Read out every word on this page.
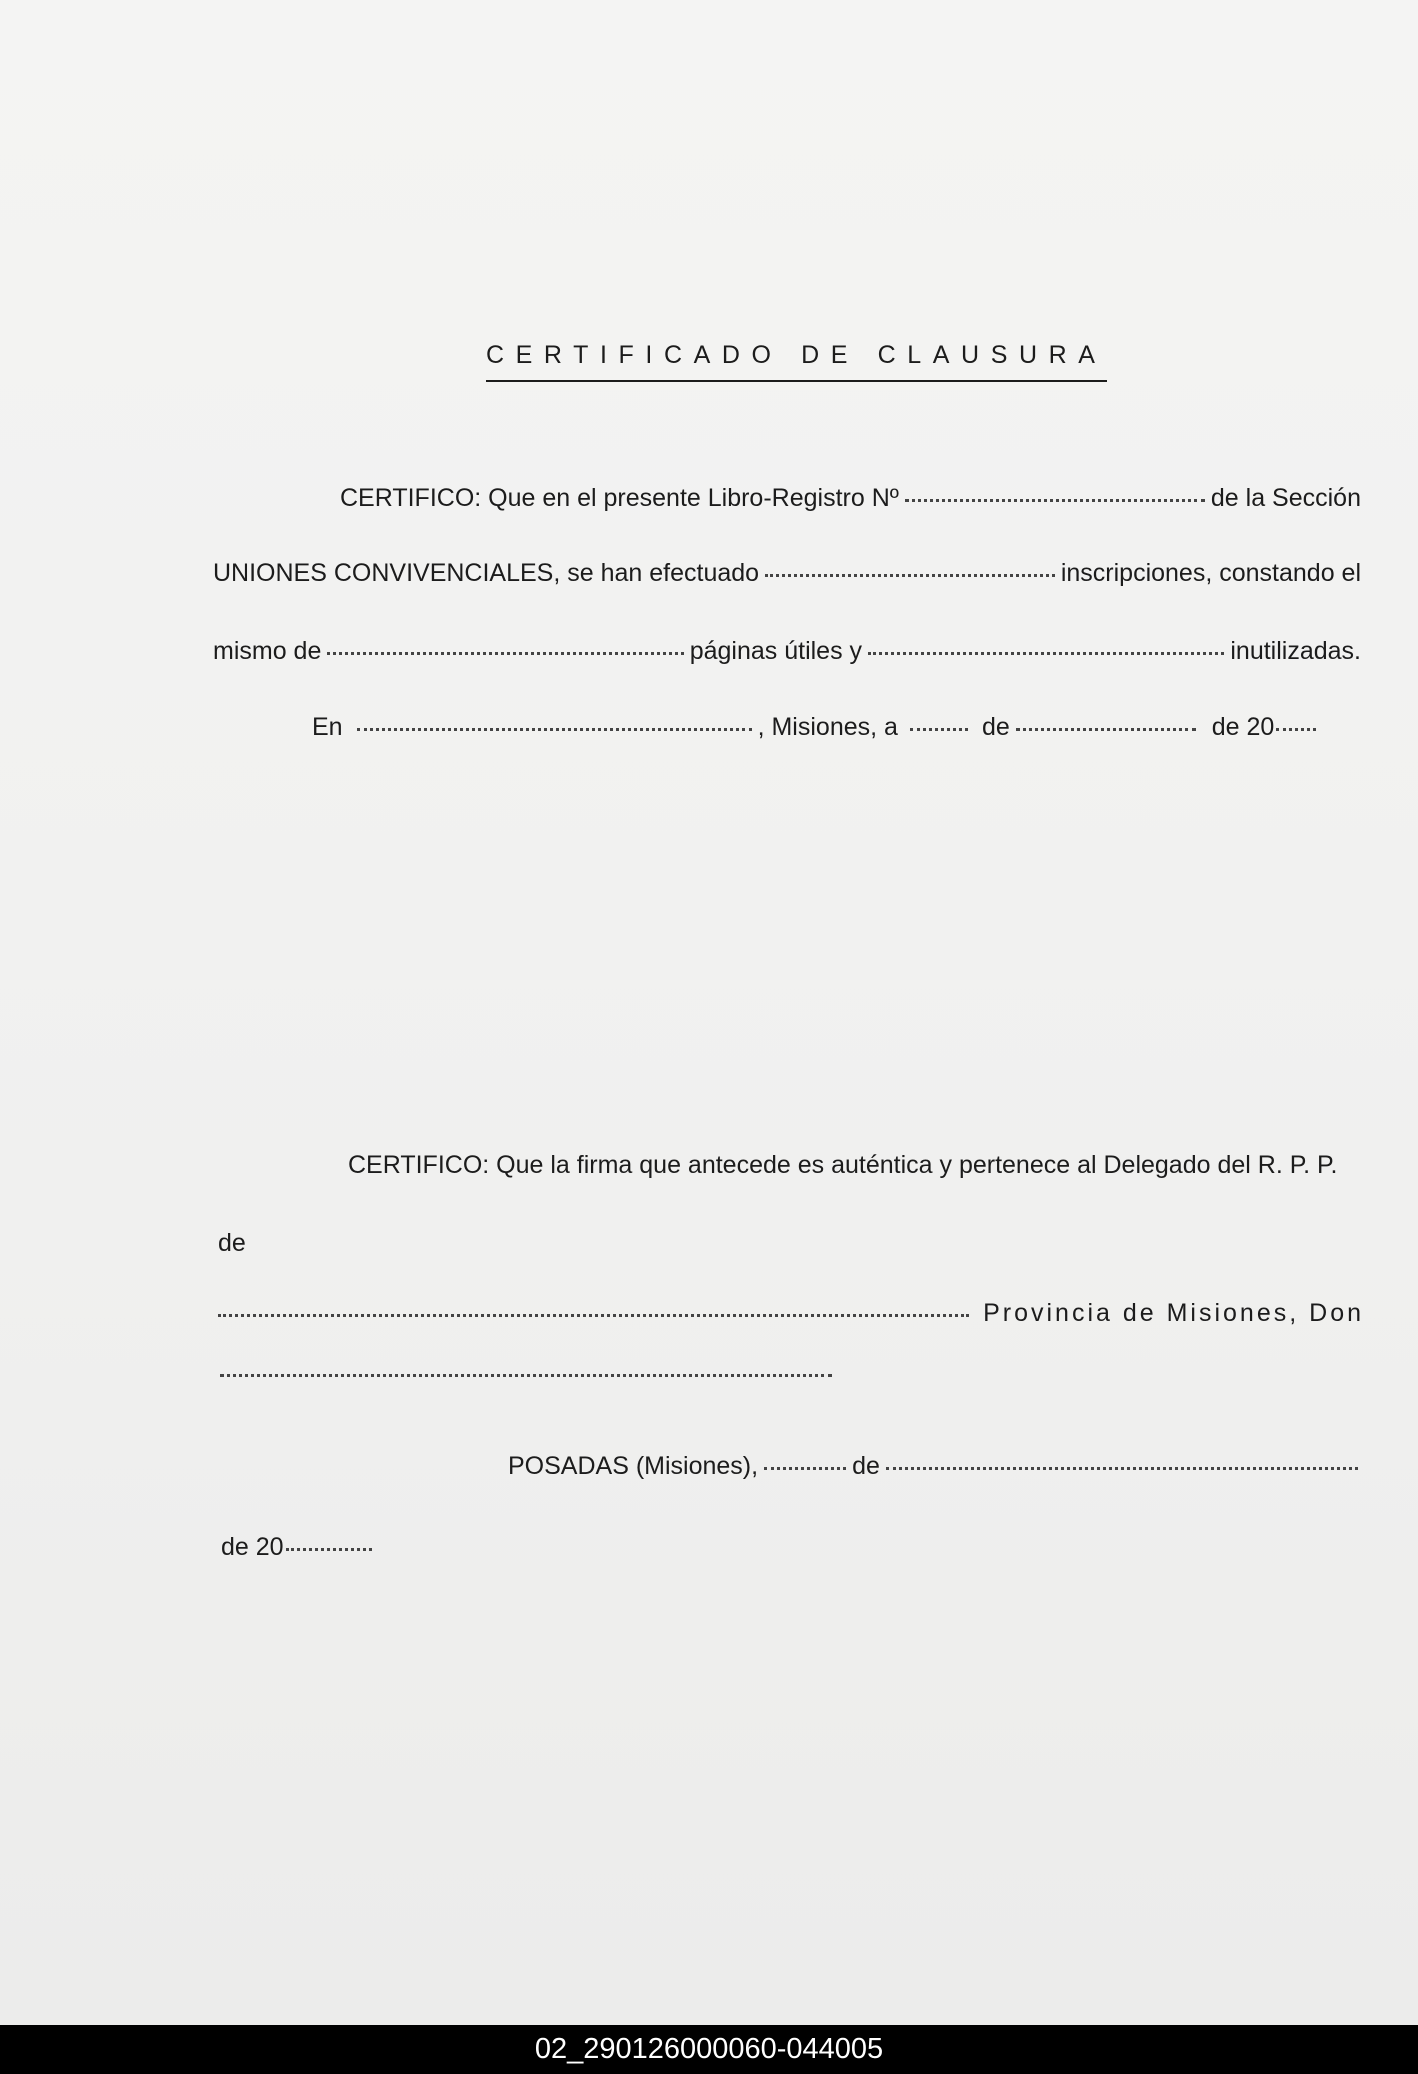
CERTIFICADO DE CLAUSURA
CERTIFICO: Que en el presente Libro-Registro Nº	de la Sección
UNIONES CONVIVENCIALES, se han efectuado	inscripciones, constando el
mismo de	páginas útiles y	inutilizadas.
En	, Misiones, a	de	de 20
CERTIFICO: Que la firma que antecede es auténtica y pertenece al Delegado del R. P. P.
de
Provincia de Misiones, Don
POSADAS (Misiones),	de
de 20
02_290126000060-044005
